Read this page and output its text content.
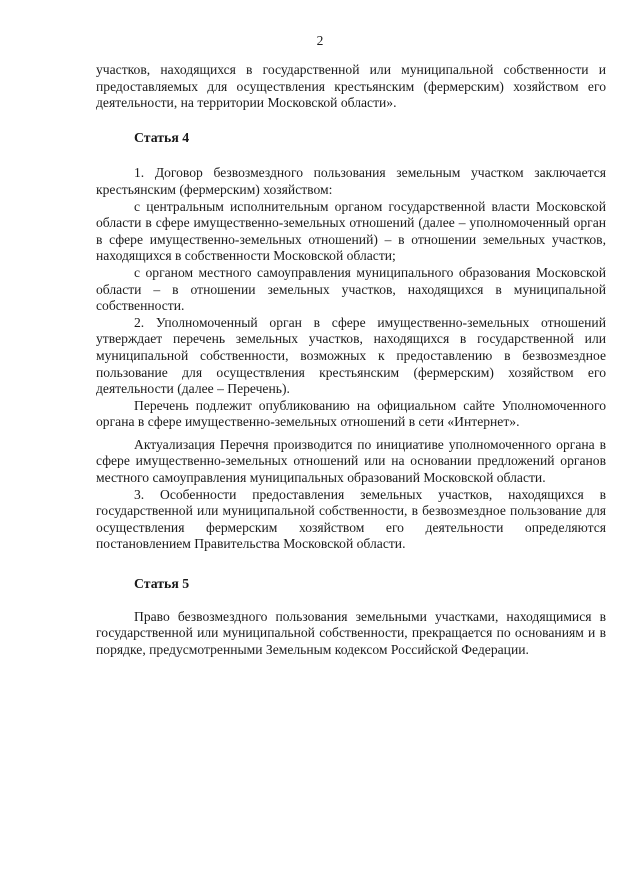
2

участков, находящихся в государственной или муниципальной собственности и предоставляемых для осуществления крестьянским (фермерским) хозяйством его деятельности, на территории Московской области».

Статья 4

1. Договор безвозмездного пользования земельным участком заключается крестьянским (фермерским) хозяйством:

с центральным исполнительным органом государственной власти Московской области в сфере имущественно-земельных отношений (далее – уполномоченный орган в сфере имущественно-земельных отношений) – в отношении земельных участков, находящихся в собственности Московской области;

с органом местного самоуправления муниципального образования Московской области – в отношении земельных участков, находящихся в муниципальной собственности.

2. Уполномоченный орган в сфере имущественно-земельных отношений утверждает перечень земельных участков, находящихся в государственной или муниципальной собственности, возможных к предоставлению в безвозмездное пользование для осуществления крестьянским (фермерским) хозяйством его деятельности (далее – Перечень).

Перечень подлежит опубликованию на официальном сайте Уполномоченного органа в сфере имущественно-земельных отношений в сети «Интернет».

Актуализация Перечня производится по инициативе уполномоченного органа в сфере имущественно-земельных отношений или на основании предложений органов местного самоуправления муниципальных образований Московской области.

3. Особенности предоставления земельных участков, находящихся в государственной или муниципальной собственности, в безвозмездное пользование для осуществления фермерским хозяйством его деятельности определяются постановлением Правительства Московской области.

Статья 5

Право безвозмездного пользования земельными участками, находящимися в государственной или муниципальной собственности, прекращается по основаниям и в порядке, предусмотренными Земельным кодексом Российской Федерации.
